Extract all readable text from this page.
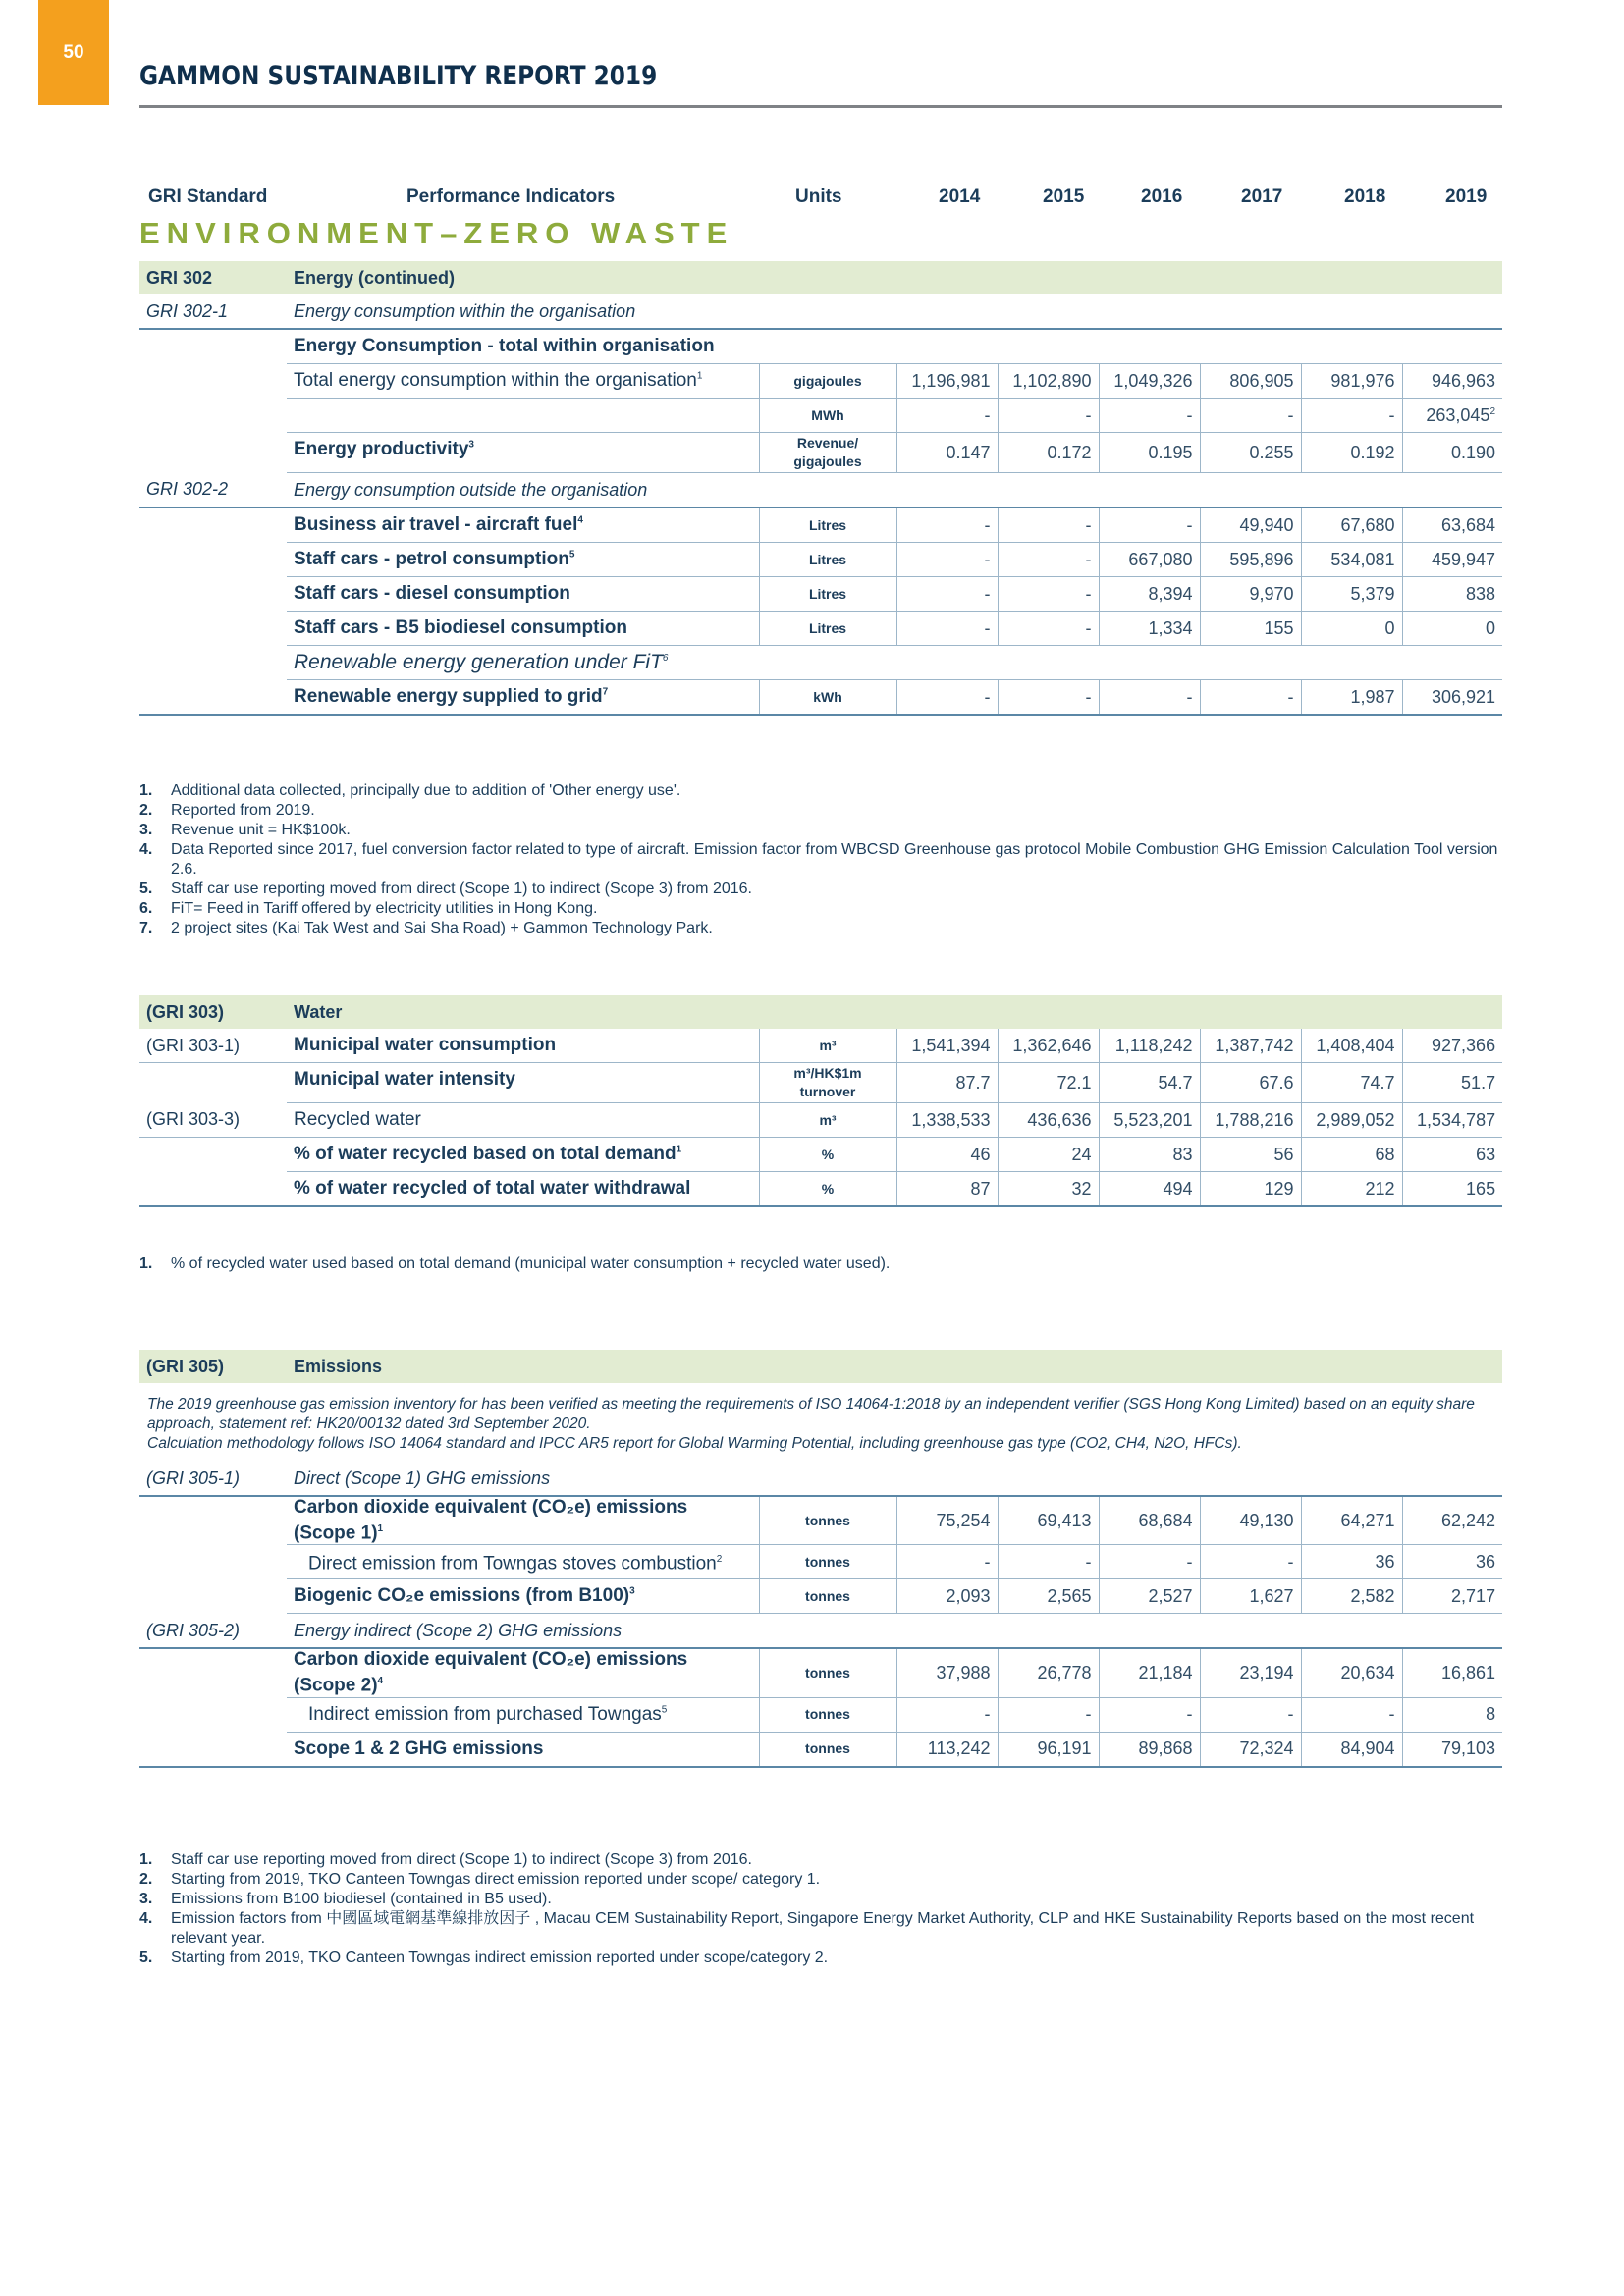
50
GAMMON SUSTAINABILITY REPORT 2019
GRI Standard	Performance Indicators	Units	2014	2015	2016	2017	2018	2019
ENVIRONMENT–ZERO WASTE
GRI 302	Energy (continued)							
GRI 302-1	Energy consumption within the organisation							
	Energy Consumption - total within organisation							
	Total energy consumption within the organisation$^1$	gigajoules	1,196,981	1,102,890	1,049,326	806,905	981,976	946,963
		MWh	-	-	-	-	-	263,045$^2$
	Energy productivity$^3$	Revenue/ gigajoules	0.147	0.172	0.195	0.255	0.192	0.190
GRI 302-2	Energy consumption outside the organisation							
	Business air travel - aircraft fuel$^4$	Litres	-	-	-	49,940	67,680	63,684
	Staff cars - petrol consumption$^5$	Litres	-	-	667,080	595,896	534,081	459,947
	Staff cars - diesel consumption	Litres	-	-	8,394	9,970	5,379	838
	Staff cars - B5 biodiesel consumption	Litres	-	-	1,334	155	0	0
	Renewable energy generation under FiT$^6$
	Renewable energy supplied to grid$^7$	kWh	-	-	-	-	1,987	306,921
1. Additional data collected, principally due to addition of 'Other energy use'.
2. Reported from 2019.
3. Revenue unit = HK$100k.
4. Data Reported since 2017, fuel conversion factor related to type of aircraft. Emission factor from WBCSD Greenhouse gas protocol Mobile Combustion GHG Emission Calculation Tool version 2.6.
5. Staff car use reporting moved from direct (Scope 1) to indirect (Scope 3) from 2016.
6. FiT= Feed in Tariff offered by electricity utilities in Hong Kong.
7. 2 project sites (Kai Tak West and Sai Sha Road) + Gammon Technology Park.
(GRI 303)	Water							
(GRI 303-1)	Municipal water consumption	m³	1,541,394	1,362,646	1,118,242	1,387,742	1,408,404	927,366
	Municipal water intensity	m³/HK$1m turnover	87.7	72.1	54.7	67.6	74.7	51.7
(GRI 303-3)	Recycled water	m³	1,338,533	436,636	5,523,201	1,788,216	2,989,052	1,534,787
	% of water recycled based on total demand$^1$	%	46	24	83	56	68	63
	% of water recycled of total water withdrawal	%	87	32	494	129	212	165
1. % of recycled water used based on total demand (municipal water consumption + recycled water used).
(GRI 305)	Emissions
The 2019 greenhouse gas emission inventory for has been verified as meeting the requirements of ISO 14064-1:2018 by an independent verifier (SGS Hong Kong Limited) based on an equity share approach, statement ref: HK20/00132 dated 3rd September 2020.
Calculation methodology follows ISO 14064 standard and IPCC AR5 report for Global Warming Potential, including greenhouse gas type (CO2, CH4, N2O, HFCs).
(GRI 305-1)	Direct (Scope 1) GHG emissions							
	Carbon dioxide equivalent (CO₂e) emissions (Scope 1)$^1$	tonnes	75,254	69,413	68,684	49,130	64,271	62,242
	Direct emission from Towngas stoves combustion$^2$	tonnes	-	-	-	-	36	36
	Biogenic CO₂e emissions (from B100)$^3$	tonnes	2,093	2,565	2,527	1,627	2,582	2,717
(GRI 305-2)	Energy indirect (Scope 2) GHG emissions							
	Carbon dioxide equivalent (CO₂e) emissions (Scope 2)$^4$	tonnes	37,988	26,778	21,184	23,194	20,634	16,861
	Indirect emission from purchased Towngas$^5$	tonnes	-	-	-	-	-	8
	Scope 1 & 2 GHG emissions	tonnes	113,242	96,191	89,868	72,324	84,904	79,103
1. Staff car use reporting moved from direct (Scope 1) to indirect (Scope 3) from 2016.
2. Starting from 2019, TKO Canteen Towngas direct emission reported under scope/ category 1.
3. Emissions from B100 biodiesel (contained in B5 used).
4. Emission factors from 中國區域電網基準線排放因子 , Macau CEM Sustainability Report, Singapore Energy Market Authority, CLP and HKE Sustainability Reports based on the most recent relevant year.
5. Starting from 2019, TKO Canteen Towngas indirect emission reported under scope/category 2.
